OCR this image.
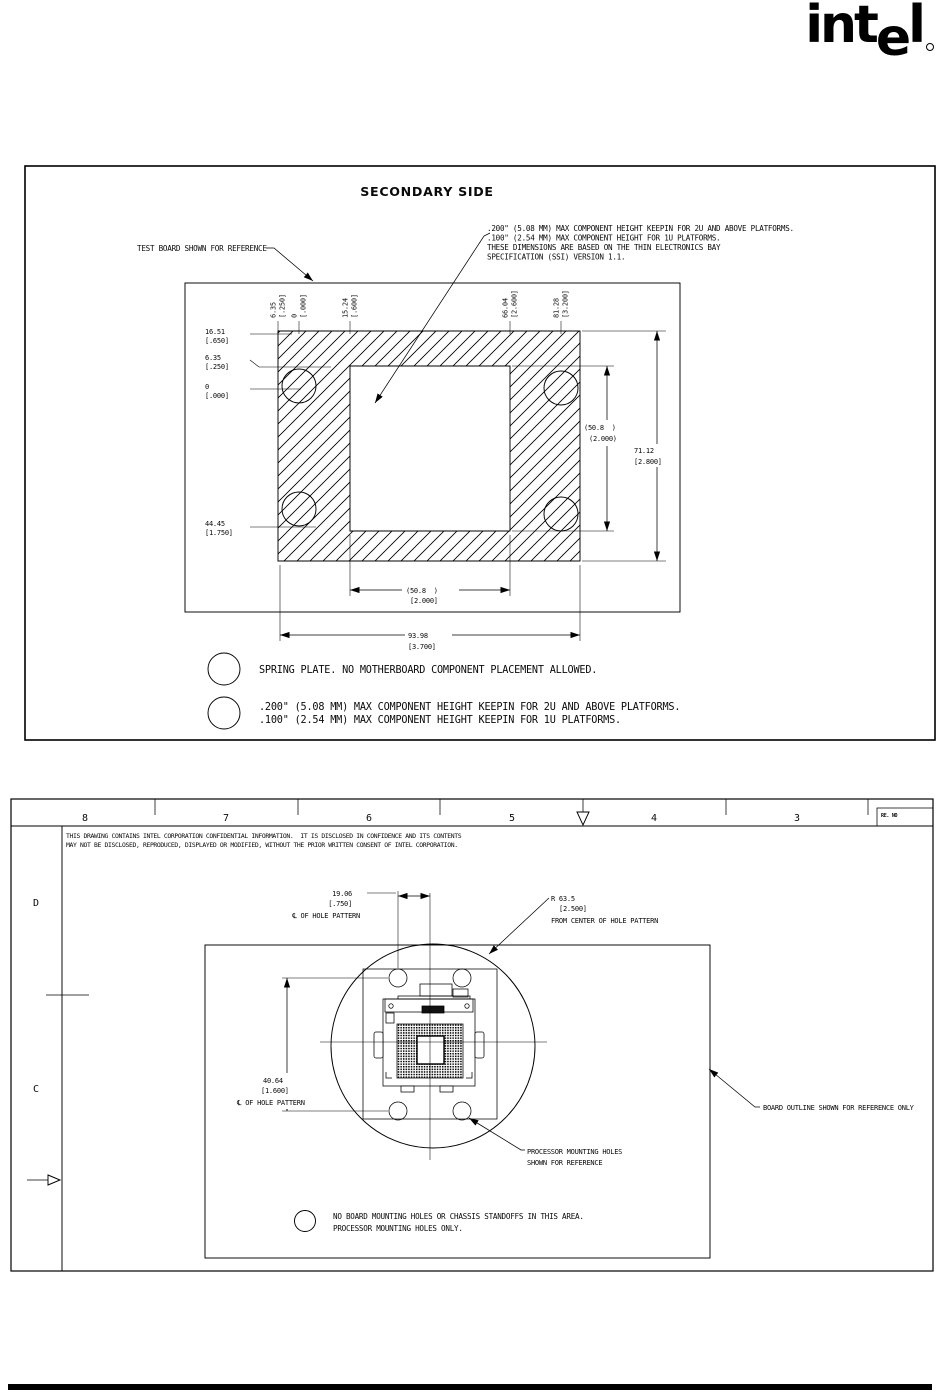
intel
SECONDARY SIDE
.200" (5.08 MM) MAX COMPONENT HEIGHT KEEPIN FOR 2U AND ABOVE PLATFORMS.
.100" (2.54 MM) MAX COMPONENT HEIGHT FOR 1U PLATFORMS.
THESE DIMENSIONS ARE BASED ON THE THIN ELECTRONICS BAY
SPECIFICATION (SSI) VERSION 1.1.
TEST BOARD SHOWN FOR REFERENCE
6.35 [.250] 0 [.000]	15.24 [.600]	66.04 [2.600]	81.28 [3.200]
16.51
[.650]
6.35
[.250]
0
[.000]
44.45
[1.750]
(50.8  )
(2.000)
71.12
[2.800]
(50.8  )
[2.000]
93.98
[3.700]
SPRING PLATE. NO MOTHERBOARD COMPONENT PLACEMENT ALLOWED.
.200" (5.08 MM) MAX COMPONENT HEIGHT KEEPIN FOR 2U AND ABOVE PLATFORMS.
.100" (2.54 MM) MAX COMPONENT HEIGHT KEEPIN FOR 1U PLATFORMS.
8	7	6	5	4	3	RE. NO
THIS DRAWING CONTAINS INTEL CORPORATION CONFIDENTIAL INFORMATION.  IT IS DISCLOSED IN CONFIDENCE AND ITS CONTENTS
MAY NOT BE DISCLOSED, REPRODUCED, DISPLAYED OR MODIFIED, WITHOUT THE PRIOR WRITTEN CONSENT OF INTEL CORPORATION.
D
C
19.06
[.750]
℄ OF HOLE PATTERN
R 63.5
[2.500]
FROM CENTER OF HOLE PATTERN
40.64
[1.600]
℄ OF HOLE PATTERN
BOARD OUTLINE SHOWN FOR REFERENCE ONLY
PROCESSOR MOUNTING HOLES
SHOWN FOR REFERENCE
NO BOARD MOUNTING HOLES OR CHASSIS STANDOFFS IN THIS AREA.
PROCESSOR MOUNTING HOLES ONLY.
